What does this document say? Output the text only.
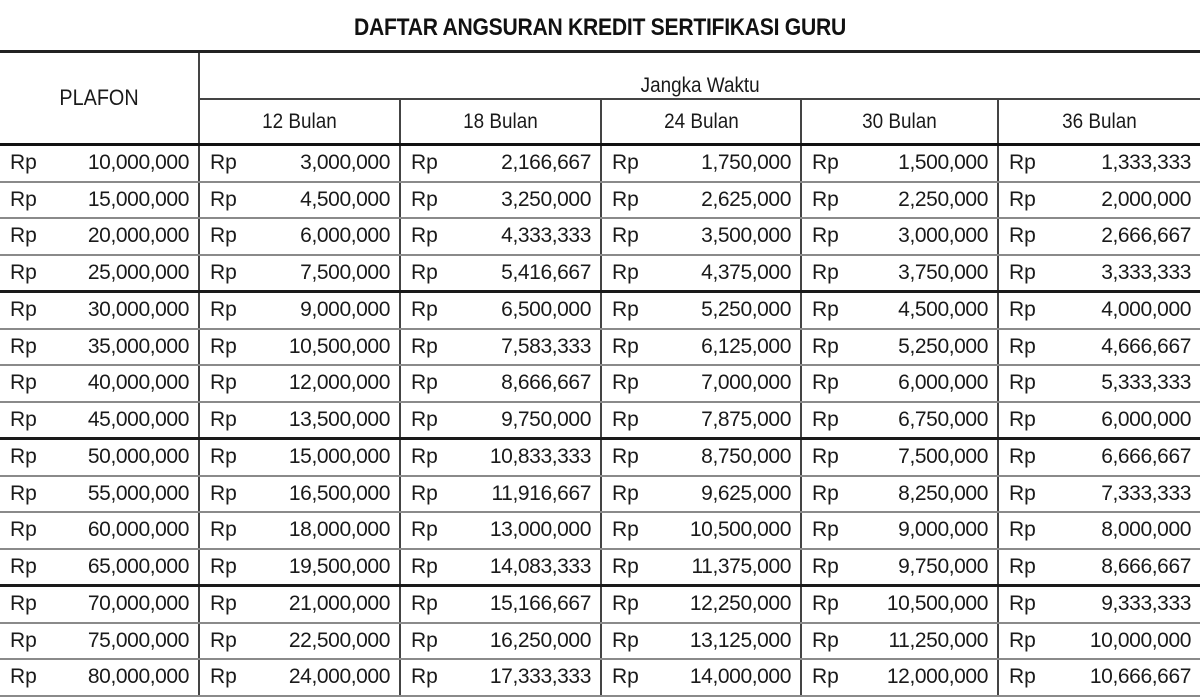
DAFTAR ANGSURAN KREDIT SERTIFIKASI GURU
PLAFON	Jangka Waktu				
	12 Bulan	18 Bulan	24 Bulan	30 Bulan	36 Bulan

Rp 10,000,000	Rp 3,000,000	Rp 2,166,667	Rp 1,750,000	Rp 1,500,000	Rp 1,333,333

Rp 15,000,000	Rp 4,500,000	Rp 3,250,000	Rp 2,625,000	Rp 2,250,000	Rp 2,000,000

Rp 20,000,000	Rp 6,000,000	Rp 4,333,333	Rp 3,500,000	Rp 3,000,000	Rp 2,666,667

Rp 25,000,000	Rp 7,500,000	Rp 5,416,667	Rp 4,375,000	Rp 3,750,000	Rp 3,333,333

Rp 30,000,000	Rp 9,000,000	Rp 6,500,000	Rp 5,250,000	Rp 4,500,000	Rp 4,000,000

Rp 35,000,000	Rp 10,500,000	Rp 7,583,333	Rp 6,125,000	Rp 5,250,000	Rp 4,666,667

Rp 40,000,000	Rp 12,000,000	Rp 8,666,667	Rp 7,000,000	Rp 6,000,000	Rp 5,333,333

Rp 45,000,000	Rp 13,500,000	Rp 9,750,000	Rp 7,875,000	Rp 6,750,000	Rp 6,000,000

Rp 50,000,000	Rp 15,000,000	Rp 10,833,333	Rp 8,750,000	Rp 7,500,000	Rp 6,666,667

Rp 55,000,000	Rp 16,500,000	Rp 11,916,667	Rp 9,625,000	Rp 8,250,000	Rp 7,333,333

Rp 60,000,000	Rp 18,000,000	Rp 13,000,000	Rp 10,500,000	Rp 9,000,000	Rp 8,000,000

Rp 65,000,000	Rp 19,500,000	Rp 14,083,333	Rp 11,375,000	Rp 9,750,000	Rp 8,666,667

Rp 70,000,000	Rp 21,000,000	Rp 15,166,667	Rp 12,250,000	Rp 10,500,000	Rp 9,333,333

Rp 75,000,000	Rp 22,500,000	Rp 16,250,000	Rp 13,125,000	Rp 11,250,000	Rp 10,000,000

Rp 80,000,000	Rp 24,000,000	Rp 17,333,333	Rp 14,000,000	Rp 12,000,000	Rp 10,666,667
